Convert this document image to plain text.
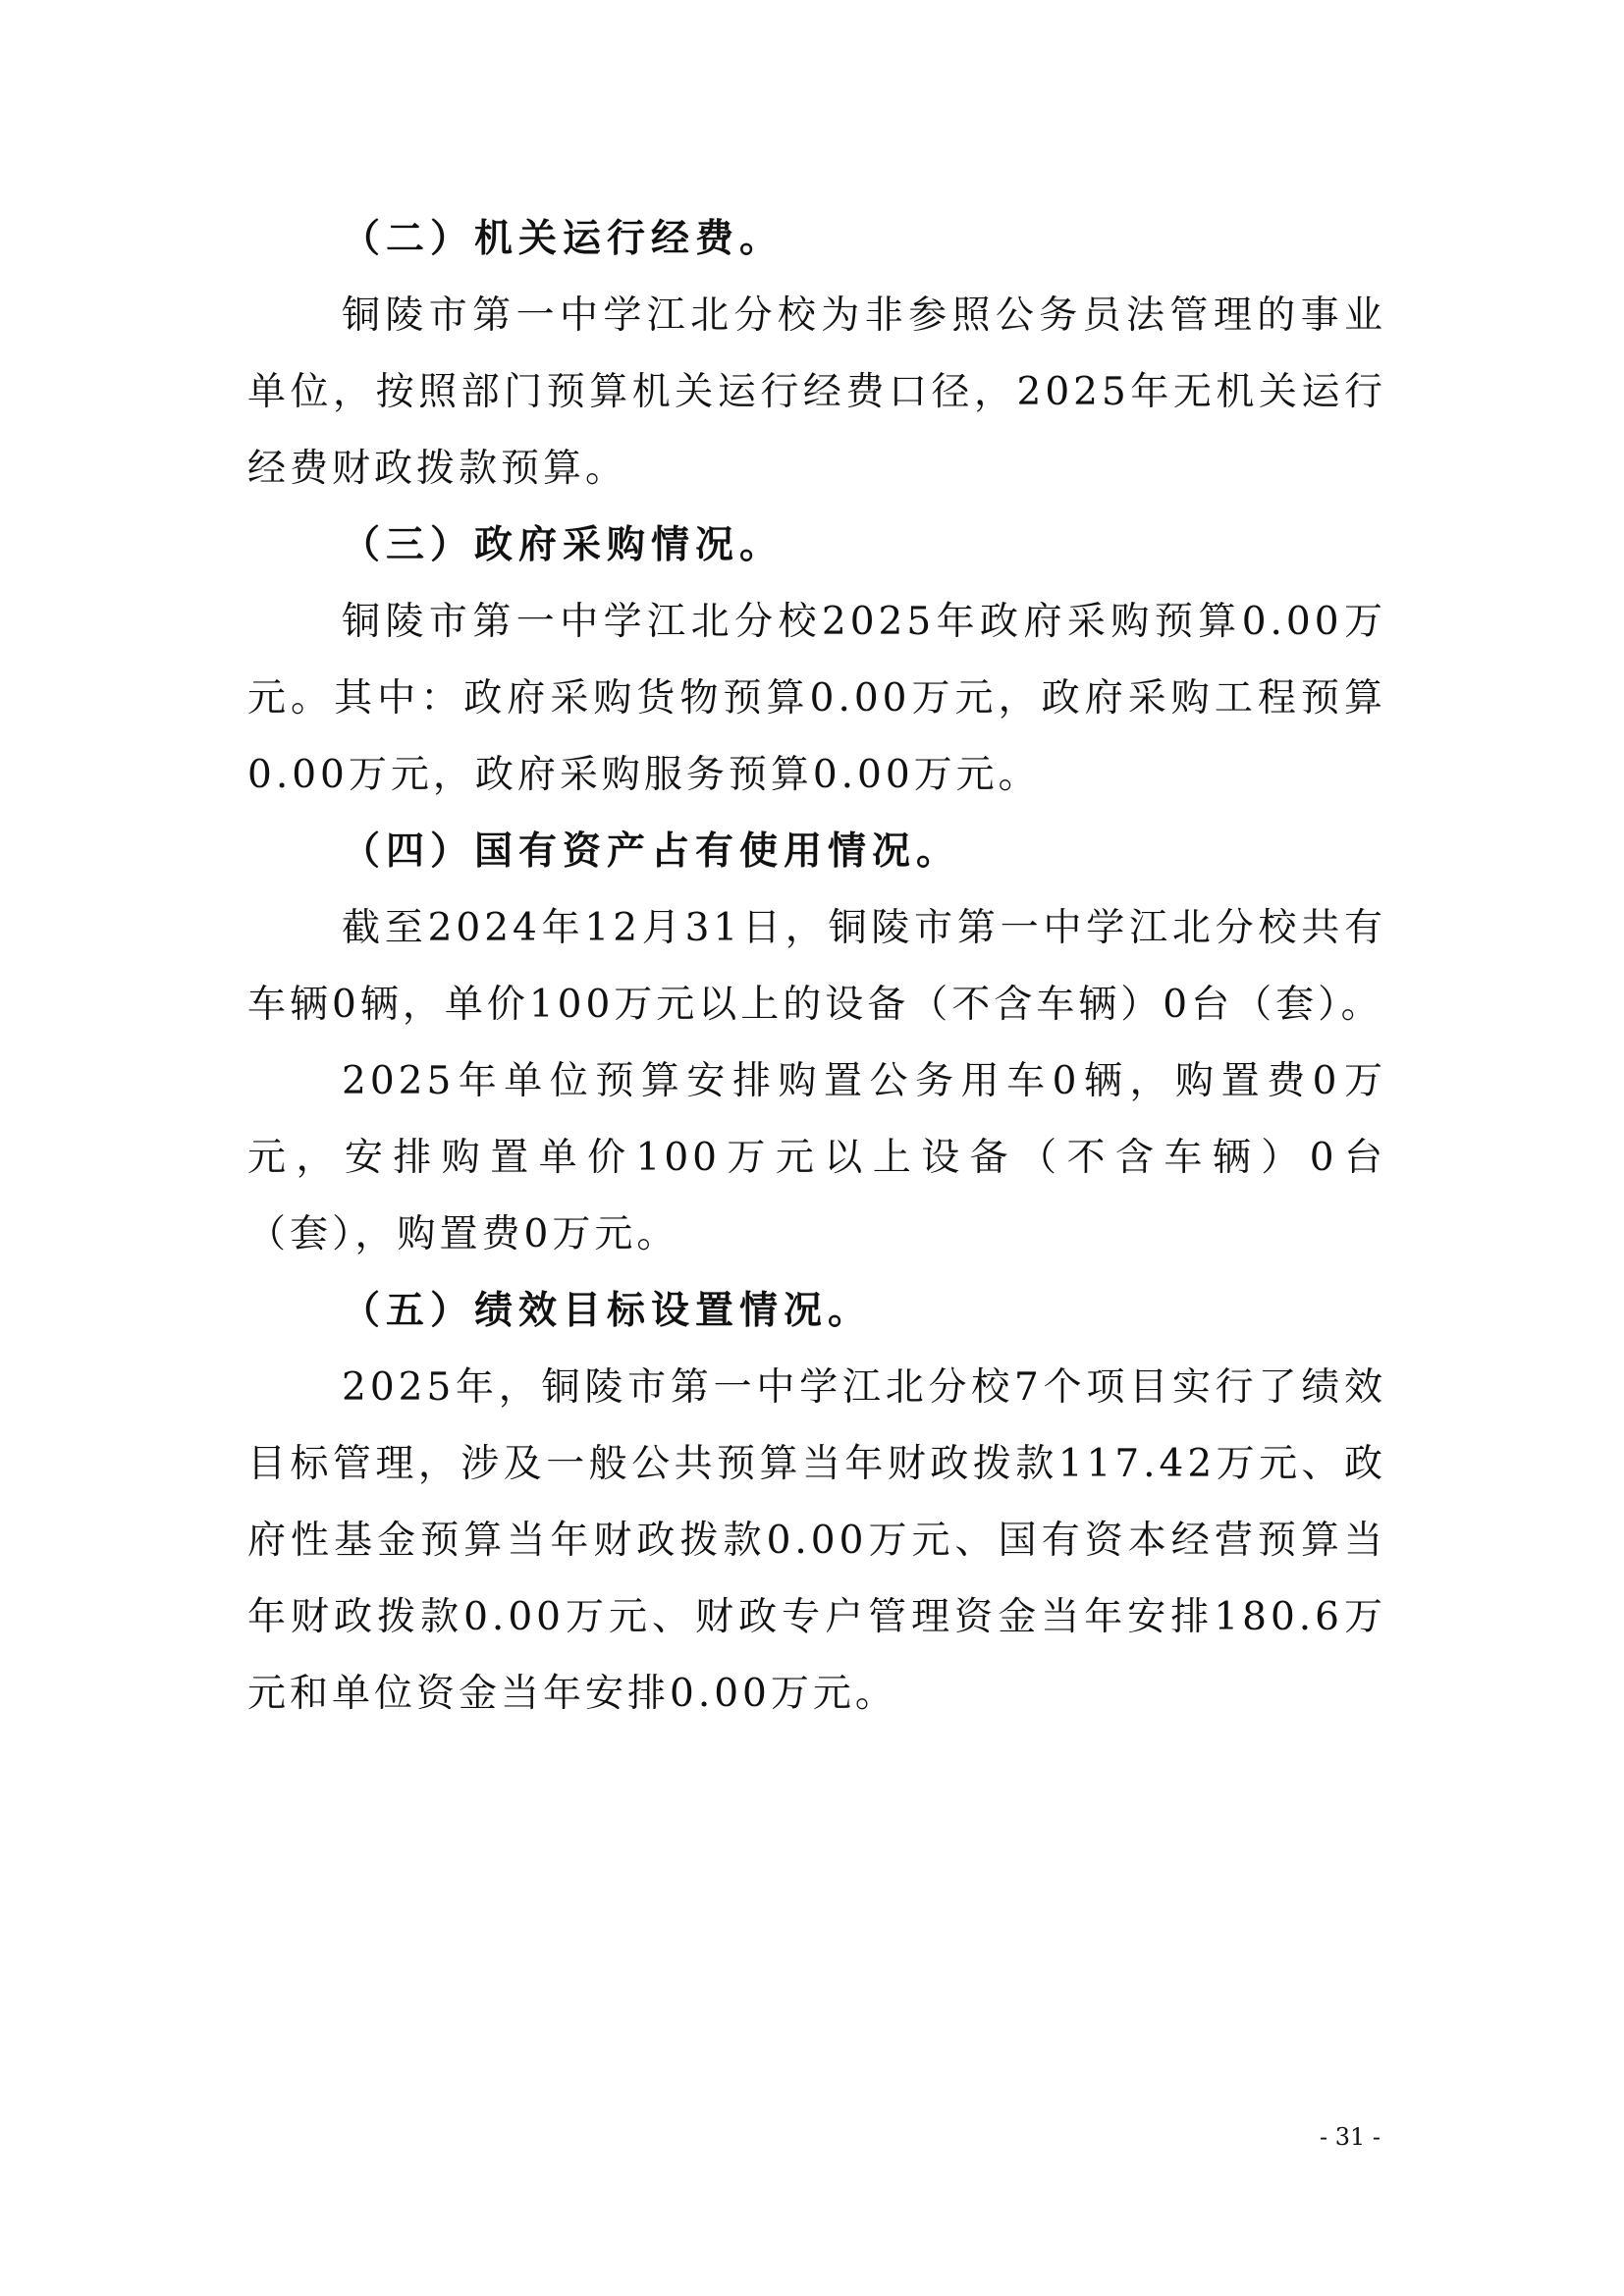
（二）机关运行经费。

铜陵市第一中学江北分校为非参照公务员法管理的事业单位，按照部门预算机关运行经费口径，2025年无机关运行经费财政拨款预算。

（三）政府采购情况。

铜陵市第一中学江北分校2025年政府采购预算0.00万元。其中：政府采购货物预算0.00万元，政府采购工程预算0.00万元，政府采购服务预算0.00万元。

（四）国有资产占有使用情况。

截至2024年12月31日，铜陵市第一中学江北分校共有车辆0辆，单价100万元以上的设备（不含车辆）0台（套）。

2025年单位预算安排购置公务用车0辆，购置费0万元，安排购置单价100万元以上设备（不含车辆）0台（套），购置费0万元。

（五）绩效目标设置情况。

2025年，铜陵市第一中学江北分校7个项目实行了绩效目标管理，涉及一般公共预算当年财政拨款117.42万元、政府性基金预算当年财政拨款0.00万元、国有资本经营预算当年财政拨款0.00万元、财政专户管理资金当年安排180.6万元和单位资金当年安排0.00万元。

- 31 -
